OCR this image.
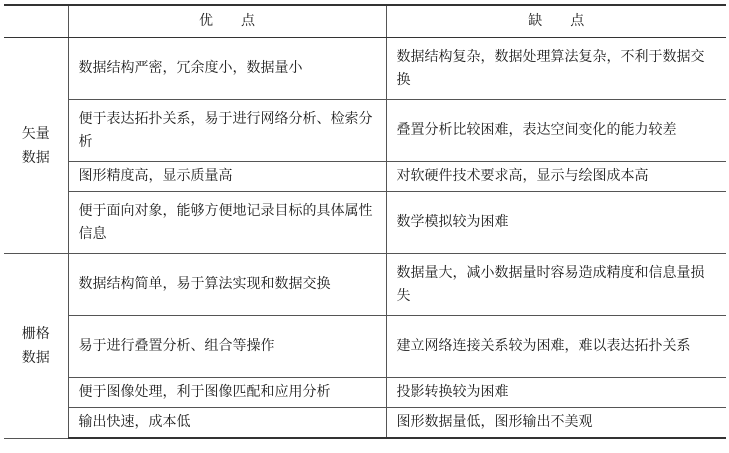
	优　　点	缺　　点

矢量
数据	数据结构严密，冗余度小，数据量小	数据结构复杂，数据处理算法复杂，不利于数据交换
	便于表达拓扑关系，易于进行网络分析、检索分析	叠置分析比较困难，表达空间变化的能力较差
	图形精度高，显示质量高	对软硬件技术要求高，显示与绘图成本高
	便于面向对象，能够方便地记录目标的具体属性信息	数学模拟较为困难

栅格
数据	数据结构简单，易于算法实现和数据交换	数据量大，减小数据量时容易造成精度和信息量损失
	易于进行叠置分析、组合等操作	建立网络连接关系较为困难，难以表达拓扑关系
	便于图像处理，利于图像匹配和应用分析	投影转换较为困难
	输出快速，成本低	图形数据量低，图形输出不美观
